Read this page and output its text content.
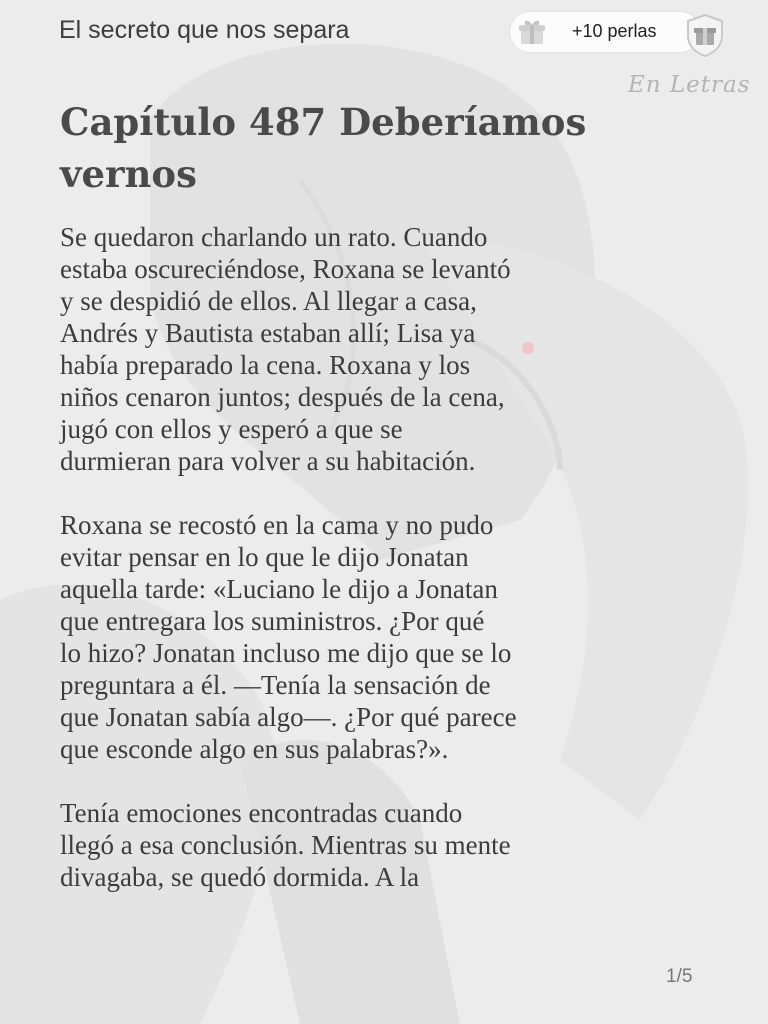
El secreto que nos separa	+10 perlas
En Letras
Capítulo 487 Deberíamos vernos

Se quedaron charlando un rato. Cuando
estaba oscureciéndose, Roxana se levantó
y se despidió de ellos. Al llegar a casa,
Andrés y Bautista estaban allí; Lisa ya
había preparado la cena. Roxana y los
niños cenaron juntos; después de la cena,
jugó con ellos y esperó a que se
durmieran para volver a su habitación.

Roxana se recostó en la cama y no pudo
evitar pensar en lo que le dijo Jonatan
aquella tarde: «Luciano le dijo a Jonatan
que entregara los suministros. ¿Por qué
lo hizo? Jonatan incluso me dijo que se lo
preguntara a él. —Tenía la sensación de
que Jonatan sabía algo—. ¿Por qué parece
que esconde algo en sus palabras?».

Tenía emociones encontradas cuando
llegó a esa conclusión. Mientras su mente
divagaba, se quedó dormida. A la

1/5
